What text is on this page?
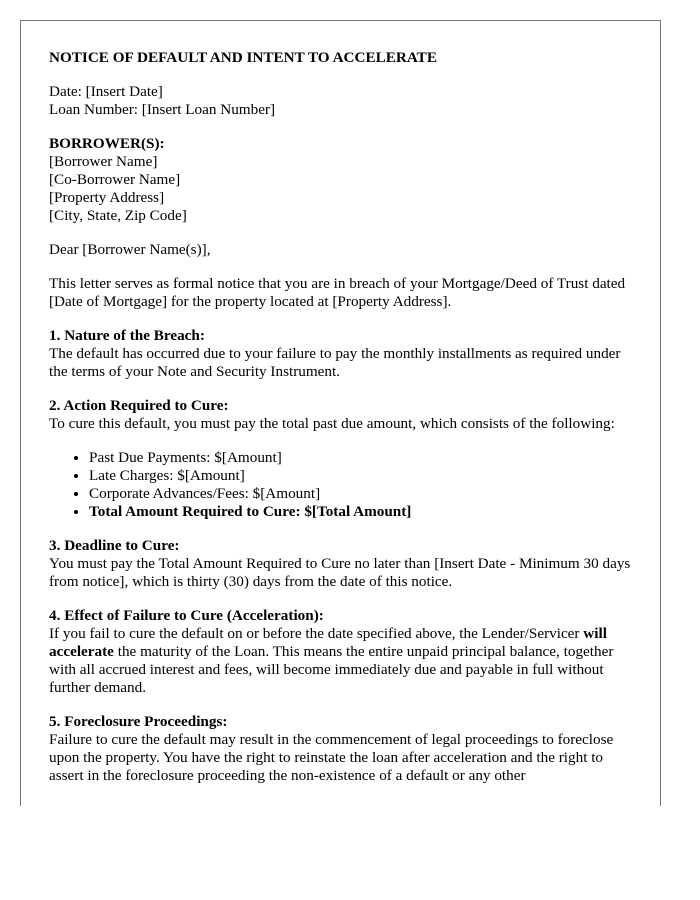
NOTICE OF DEFAULT AND INTENT TO ACCELERATE
Date: [Insert Date]
Loan Number: [Insert Loan Number]
BORROWER(S):
[Borrower Name]
[Co-Borrower Name]
[Property Address]
[City, State, Zip Code]

Dear [Borrower Name(s)],

This letter serves as formal notice that you are in breach of your Mortgage/Deed of Trust dated [Date of Mortgage] for the property located at [Property Address].

1. Nature of the Breach:
The default has occurred due to your failure to pay the monthly installments as required under the terms of your Note and Security Instrument.
2. Action Required to Cure:

To cure this default, you must pay the total past due amount, which consists of the following:

• Past Due Payments: $[Amount]
• Late Charges: $[Amount]
• Corporate Advances/Fees: $[Amount]
• Total Amount Required to Cure: $[Total Amount]
3. Deadline to Cure:
You must pay the Total Amount Required to Cure no later than [Insert Date - Minimum 30 days from notice], which is thirty (30) days from the date of this notice.
4. Effect of Failure to Cure (Acceleration):
If you fail to cure the default on or before the date specified above, the Lender/Servicer will accelerate the maturity of the Loan. This means the entire unpaid principal balance, together with all accrued interest and fees, will become immediately due and payable in full without further demand.
5. Foreclosure Proceedings:
Failure to cure the default may result in the commencement of legal proceedings to foreclose upon the property. You have the right to reinstate the loan after acceleration and the right to assert in the foreclosure proceeding the non-existence of a default or any other
